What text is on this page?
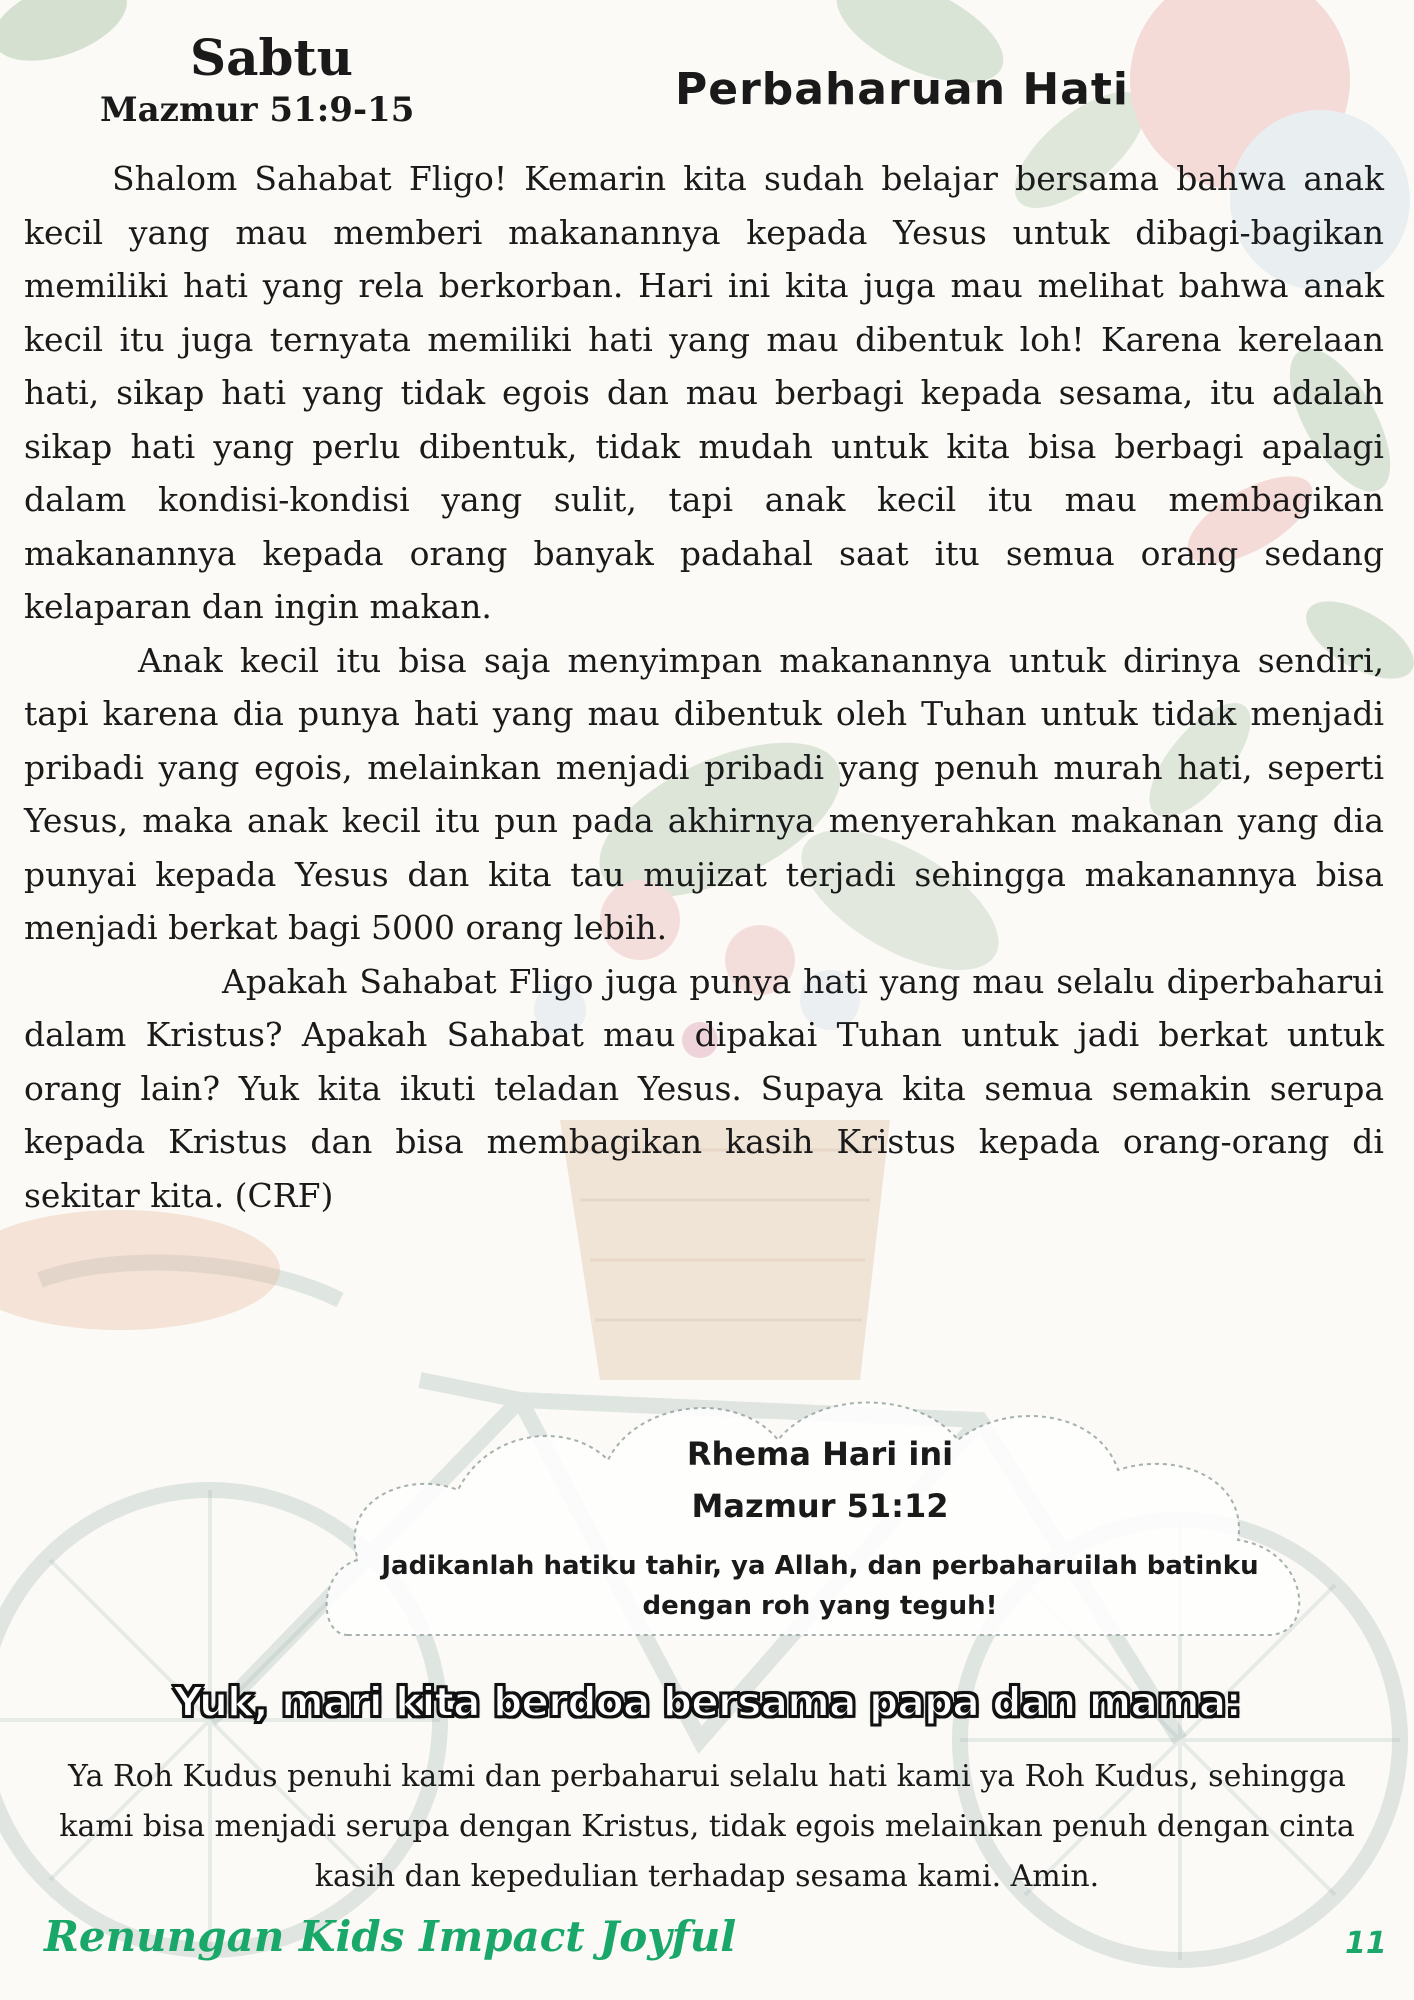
Sabtu
Mazmur 51:9-15	Perbaharuan Hati

Shalom Sahabat Fligo! Kemarin kita sudah belajar bersama bahwa anak kecil yang mau memberi makanannya kepada Yesus untuk dibagi-bagikan memiliki hati yang rela berkorban. Hari ini kita juga mau melihat bahwa anak kecil itu juga ternyata memiliki hati yang mau dibentuk loh! Karena kerelaan hati, sikap hati yang tidak egois dan mau berbagi kepada sesama, itu adalah sikap hati yang perlu dibentuk, tidak mudah untuk kita bisa berbagi apalagi dalam kondisi-kondisi yang sulit, tapi anak kecil itu mau membagikan makanannya kepada orang banyak padahal saat itu semua orang sedang kelaparan dan ingin makan.

Anak kecil itu bisa saja menyimpan makanannya untuk dirinya sendiri, tapi karena dia punya hati yang mau dibentuk oleh Tuhan untuk tidak menjadi pribadi yang egois, melainkan menjadi pribadi yang penuh murah hati, seperti Yesus, maka anak kecil itu pun pada akhirnya menyerahkan makanan yang dia punyai kepada Yesus dan kita tau mujizat terjadi sehingga makanannya bisa menjadi berkat bagi 5000 orang lebih.

Apakah Sahabat Fligo juga punya hati yang mau selalu diperbaharui dalam Kristus? Apakah Sahabat mau dipakai Tuhan untuk jadi berkat untuk orang lain? Yuk kita ikuti teladan Yesus. Supaya kita semua semakin serupa kepada Kristus dan bisa membagikan kasih Kristus kepada orang-orang di sekitar kita. (CRF)

Rhema Hari ini
Mazmur 51:12
Jadikanlah hatiku tahir, ya Allah, dan perbaharuilah batinku dengan roh yang teguh!
Yuk, mari kita berdoa bersama papa dan mama:
Ya Roh Kudus penuhi kami dan perbaharui selalu hati kami ya Roh Kudus, sehingga kami bisa menjadi serupa dengan Kristus, tidak egois melainkan penuh dengan cinta kasih dan kepedulian terhadap sesama kami. Amin.
Renungan Kids Impact Joyful	11
